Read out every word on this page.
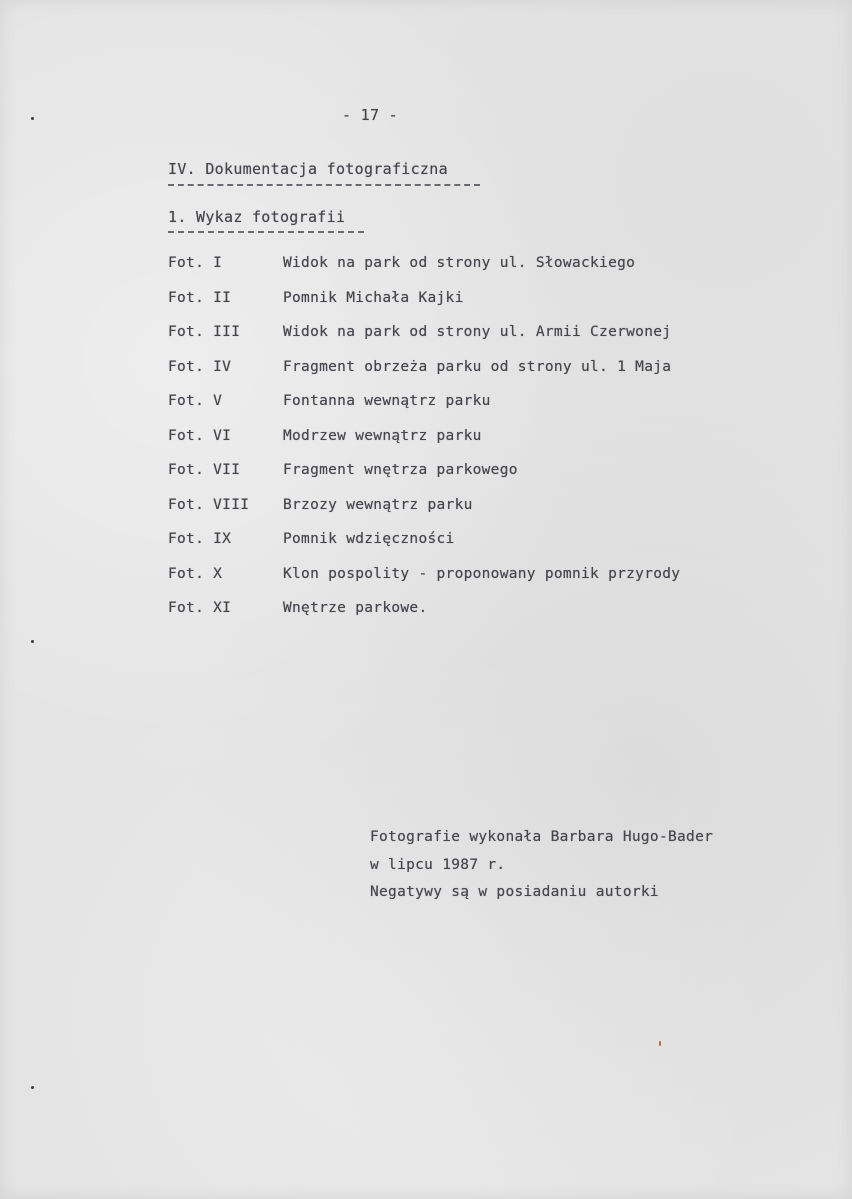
- 17 -
IV. Dokumentacja fotograficzna
1. Wykaz fotografii
Fot. I	Widok na park od strony ul. Słowackiego
Fot. II	Pomnik Michała Kajki
Fot. III	Widok na park od strony ul. Armii Czerwonej
Fot. IV	Fragment obrzeża parku od strony ul. 1 Maja
Fot. V	Fontanna wewnątrz parku
Fot. VI	Modrzew wewnątrz parku
Fot. VII	Fragment wnętrza parkowego
Fot. VIII Brzozy wewnątrz parku
Fot. IX	Pomnik wdzięczności
Fot. X	Klon pospolity - proponowany pomnik przyrody
Fot. XI	Wnętrze parkowe.
Fotografie wykonała Barbara Hugo-Bader
w lipcu 1987 r.
Negatywy są w posiadaniu autorki
